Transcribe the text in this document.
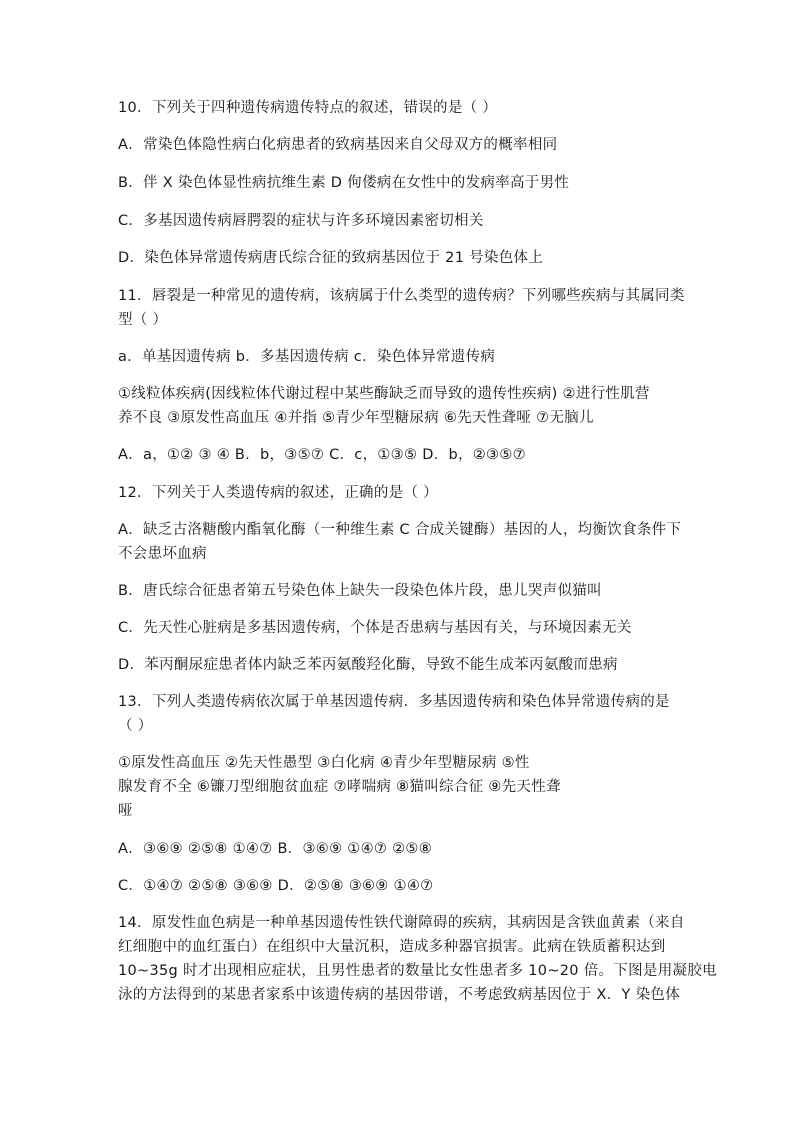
10．下列关于四种遗传病遗传特点的叙述，错误的是（ ）
A．常染色体隐性病白化病患者的致病基因来自父母双方的概率相同
B．伴 X 染色体显性病抗维生素 D 佝偻病在女性中的发病率高于男性
C．多基因遗传病唇腭裂的症状与许多环境因素密切相关
D．染色体异常遗传病唐氏综合征的致病基因位于 21 号染色体上
11．唇裂是一种常见的遗传病，该病属于什么类型的遗传病？下列哪些疾病与其属同类
型（ ）
a．单基因遗传病 b．多基因遗传病 c．染色体异常遗传病
①线粒体疾病(因线粒体代谢过程中某些酶缺乏而导致的遗传性疾病) ②进行性肌营
养不良 ③原发性高血压 ④并指 ⑤青少年型糖尿病 ⑥先天性聋哑 ⑦无脑儿
A．a，①② ③ ④ B．b，③⑤⑦ C．c，①③⑤ D．b，②③⑤⑦
12．下列关于人类遗传病的叙述，正确的是（ ）
A．缺乏古洛糖酸内酯氧化酶（一种维生素 C 合成关键酶）基因的人，均衡饮食条件下
不会患坏血病
B．唐氏综合征患者第五号染色体上缺失一段染色体片段，患儿哭声似猫叫
C．先天性心脏病是多基因遗传病，个体是否患病与基因有关，与环境因素无关
D．苯丙酮尿症患者体内缺乏苯丙氨酸羟化酶，导致不能生成苯丙氨酸而患病
13．下列人类遗传病依次属于单基因遗传病．多基因遗传病和染色体异常遗传病的是
（ ）
①原发性高血压 ②先天性愚型 ③白化病 ④青少年型糖尿病 ⑤性
腺发育不全 ⑥镰刀型细胞贫血症 ⑦哮喘病 ⑧猫叫综合征 ⑨先天性聋
哑
A．③⑥⑨ ②⑤⑧ ①④⑦ B．③⑥⑨ ①④⑦ ②⑤⑧
C．①④⑦ ②⑤⑧ ③⑥⑨ D．②⑤⑧ ③⑥⑨ ①④⑦
14．原发性血色病是一种单基因遗传性铁代谢障碍的疾病，其病因是含铁血黄素（来自
红细胞中的血红蛋白）在组织中大量沉积，造成多种器官损害。此病在铁质蓄积达到
10~35g 时才出现相应症状，且男性患者的数量比女性患者多 10~20 倍。下图是用凝胶电
泳的方法得到的某患者家系中该遗传病的基因带谱，不考虑致病基因位于 X．Y 染色体
